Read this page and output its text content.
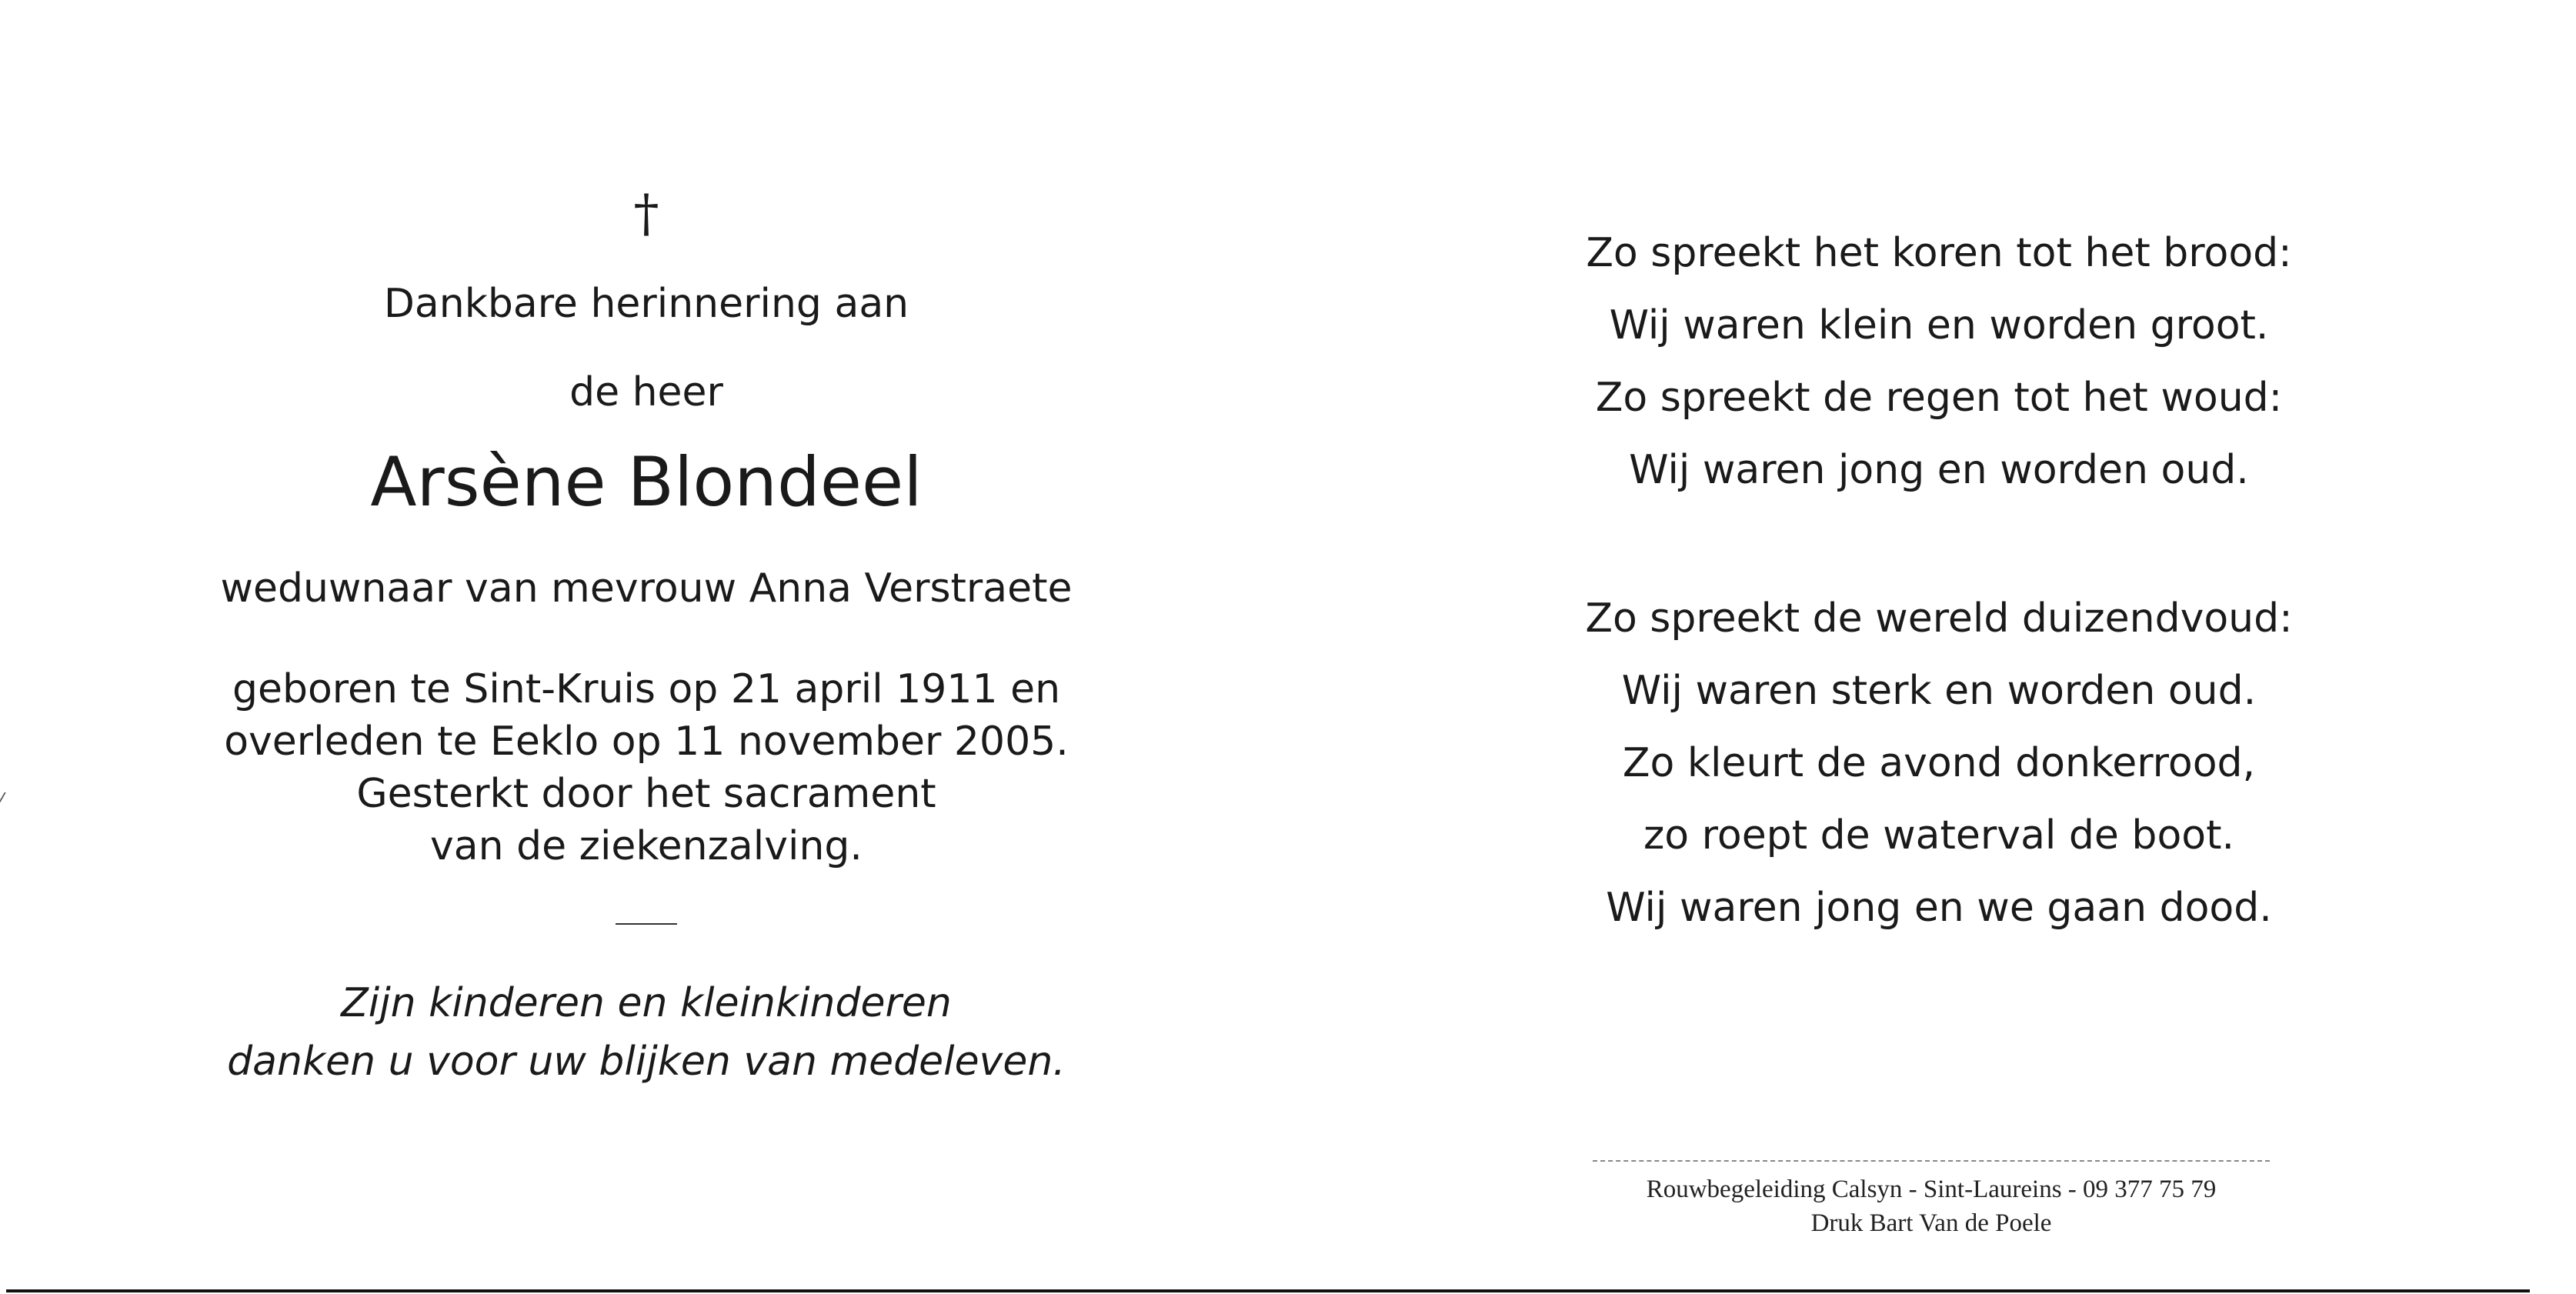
†
Dankbare herinnering aan
de heer
Arsène Blondeel
weduwnaar van mevrouw Anna Verstraete
geboren te Sint-Kruis op 21 april 1911 en
overleden te Eeklo op 11 november 2005.
Gesterkt door het sacrament
van de ziekenzalving.
Zijn kinderen en kleinkinderen
danken u voor uw blijken van medeleven.
Zo spreekt het koren tot het brood:
Wij waren klein en worden groot.
Zo spreekt de regen tot het woud:
Wij waren jong en worden oud.
Zo spreekt de wereld duizendvoud:
Wij waren sterk en worden oud.
Zo kleurt de avond donkerrood,
zo roept de waterval de boot.
Wij waren jong en we gaan dood.
Rouwbegeleiding Calsyn - Sint-Laureins - 09 377 75 79
Druk Bart Van de Poele
